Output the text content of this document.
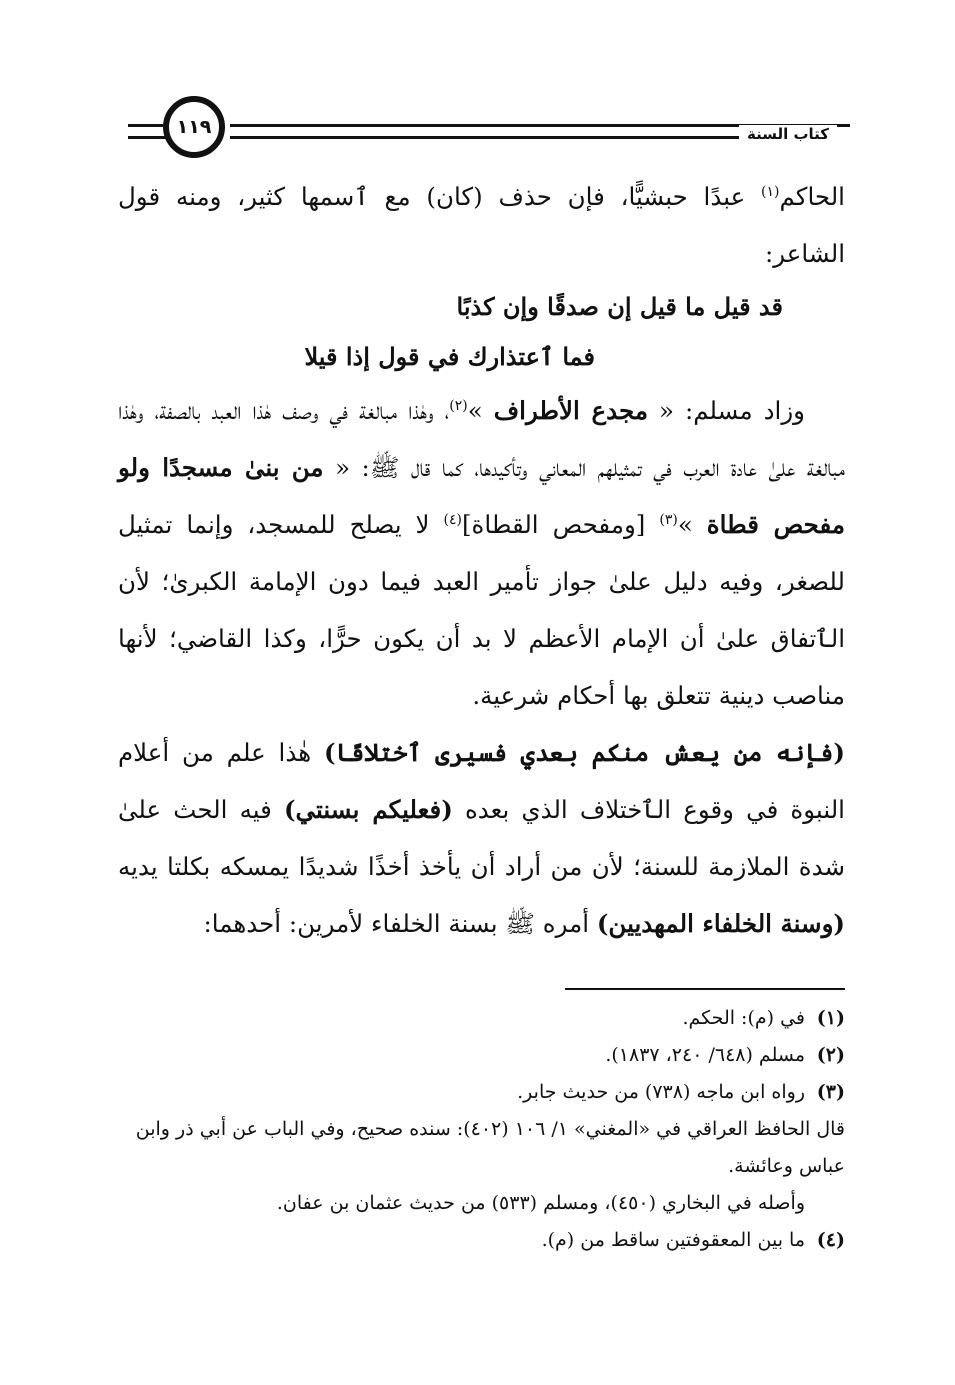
١١٩	كتاب السنة

الحاكم$^{(١)}$ عبدًا حبشيًّا، فإن حذف (كان) مع ٱسمها كثير، ومنه قول الشاعر:

قد قيل ما قيل إن صدقًا وإن كذبًا

فما ٱعتذارك في قول إذا قيلا

وزاد مسلم: « مجدع الأطراف »$^{(٢)}$، وهٰذا مبالغة في وصف هٰذا العبد بالصفة، وهٰذا مبالغة علىٰ عادة العرب في تمثيلهم المعاني وتأكيدها، كما قال ﷺ: « من بنىٰ مسجدًا ولو مفحص قطاة »$^{(٣)}$ [ومفحص القطاة]$^{(٤)}$ لا يصلح للمسجد، وإنما تمثيل للصغر، وفيه دليل علىٰ جواز تأمير العبد فيما دون الإمامة الكبرىٰ؛ لأن الٱتفاق علىٰ أن الإمام الأعظم لا بد أن يكون حرًّا، وكذا القاضي؛ لأنها مناصب دينية تتعلق بها أحكام شرعية.

(فإنه من يعش منكم بعدي فسيرى ٱختلافًا) هٰذا علم من أعلام النبوة في وقوع الٱختلاف الذي بعده (فعليكم بسنتي) فيه الحث علىٰ شدة الملازمة للسنة؛ لأن من أراد أن يأخذ أخذًا شديدًا يمسكه بكلتا يديه (وسنة الخلفاء المهديين) أمره ﷺ بسنة الخلفاء لأمرين: أحدهما:

(١)
في (م): الحكم.
(٢)
مسلم (٦٤٨/ ٢٤٠، ١٨٣٧).
(٣)
رواه ابن ماجه (٧٣٨) من حديث جابر.

قال الحافظ العراقي في «المغني» ١/ ١٠٦ (٤٠٢): سنده صحيح، وفي الباب عن أبي ذر وابن عباس وعائشة.

وأصله في البخاري (٤٥٠)، ومسلم (٥٣٣) من حديث عثمان بن عفان.

(٤)
ما بين المعقوفتين ساقط من (م).
